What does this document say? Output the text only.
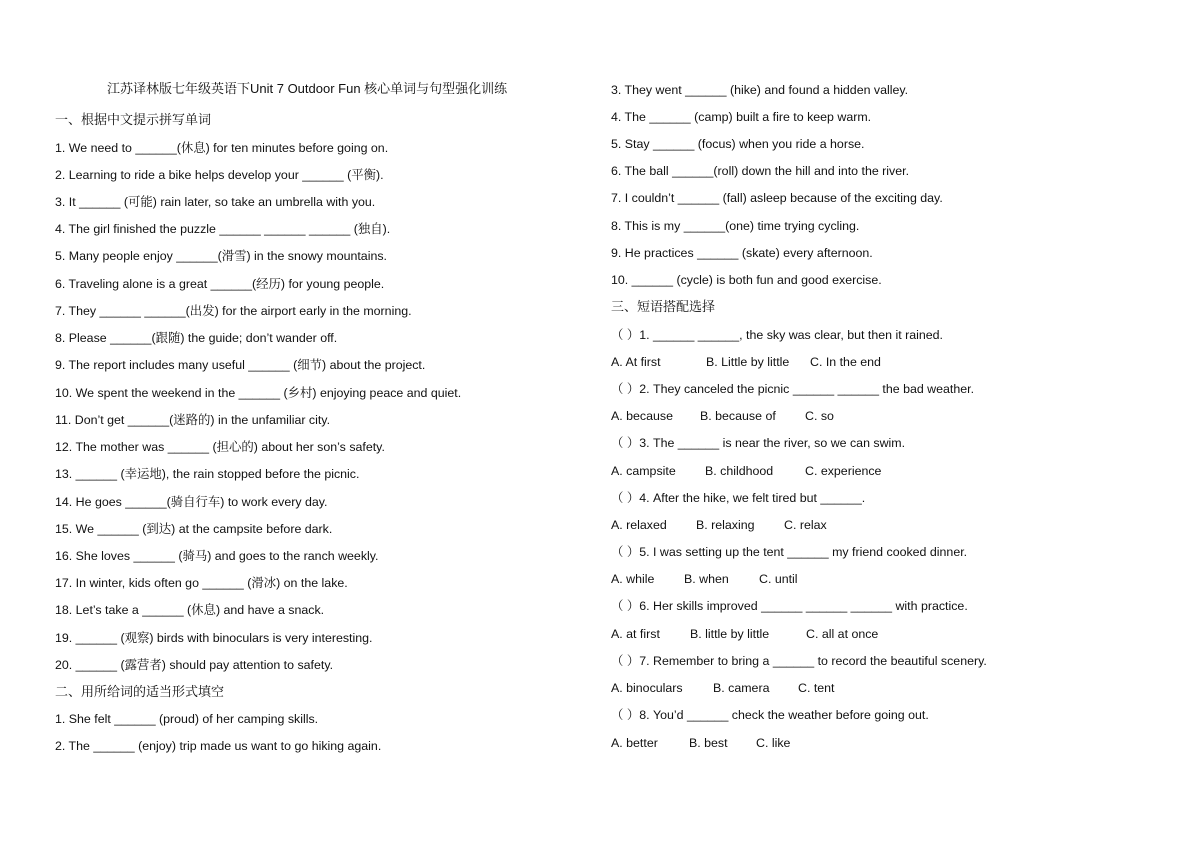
江苏译林版七年级英语下Unit 7 Outdoor Fun 核心单词与句型强化训练
一、根据中文提示拼写单词
1. We need to ______(休息) for ten minutes before going on.
2. Learning to ride a bike helps develop your ______ (平衡).
3. It ______ (可能) rain later, so take an umbrella with you.
4. The girl finished the puzzle ______ ______ ______ (独自).
5. Many people enjoy ______(滑雪) in the snowy mountains.
6. Traveling alone is a great ______(经历) for young people.
7. They ______ ______(出发) for the airport early in the morning.
8. Please ______(跟随) the guide; don’t wander off.
9. The report includes many useful ______ (细节) about the project.
10. We spent the weekend in the ______ (乡村) enjoying peace and quiet.
11. Don’t get ______(迷路的) in the unfamiliar city.
12. The mother was ______ (担心的) about her son’s safety.
13. ______ (幸运地), the rain stopped before the picnic.
14. He goes ______(骑自行车) to work every day.
15. We ______ (到达) at the campsite before dark.
16. She loves ______ (骑马) and goes to the ranch weekly.
17. In winter, kids often go ______ (滑冰) on the lake.
18. Let’s take a ______ (休息) and have a snack.
19. ______ (观察) birds with binoculars is very interesting.
20. ______ (露营者) should pay attention to safety.
二、用所给词的适当形式填空
1. She felt ______ (proud) of her camping skills.
2. The ______ (enjoy) trip made us want to go hiking again.
3. They went ______ (hike) and found a hidden valley.
4. The ______ (camp) built a fire to keep warm.
5. Stay ______ (focus) when you ride a horse.
6. The ball ______(roll) down the hill and into the river.
7. I couldn’t ______ (fall) asleep because of the exciting day.
8. This is my ______(one) time trying cycling.
9. He practices ______ (skate) every afternoon.
10. ______ (cycle) is both fun and good exercise.
三、短语搭配选择
（ ）1. ______ ______, the sky was clear, but then it rained.
A. At first	B. Little by little C. In the end
（ ）2. They canceled the picnic ______ ______ the bad weather.
A. because B. because of C. so
（ ）3. The ______ is near the river, so we can swim.
A. campsite B. childhood	C. experience
（ ）4. After the hike, we felt tired but ______.
A. relaxed B. relaxing C. relax
（ ）5. I was setting up the tent ______ my friend cooked dinner.
A. while B. when C. until
（ ）6. Her skills improved ______ ______ ______ with practice.
A. at first B. little by little	C. all at once
（ ）7. Remember to bring a ______ to record the beautiful scenery.
A. binoculars B. camera C. tent
（ ）8. You’d ______ check the weather before going out.
A. better	B. best C. like
